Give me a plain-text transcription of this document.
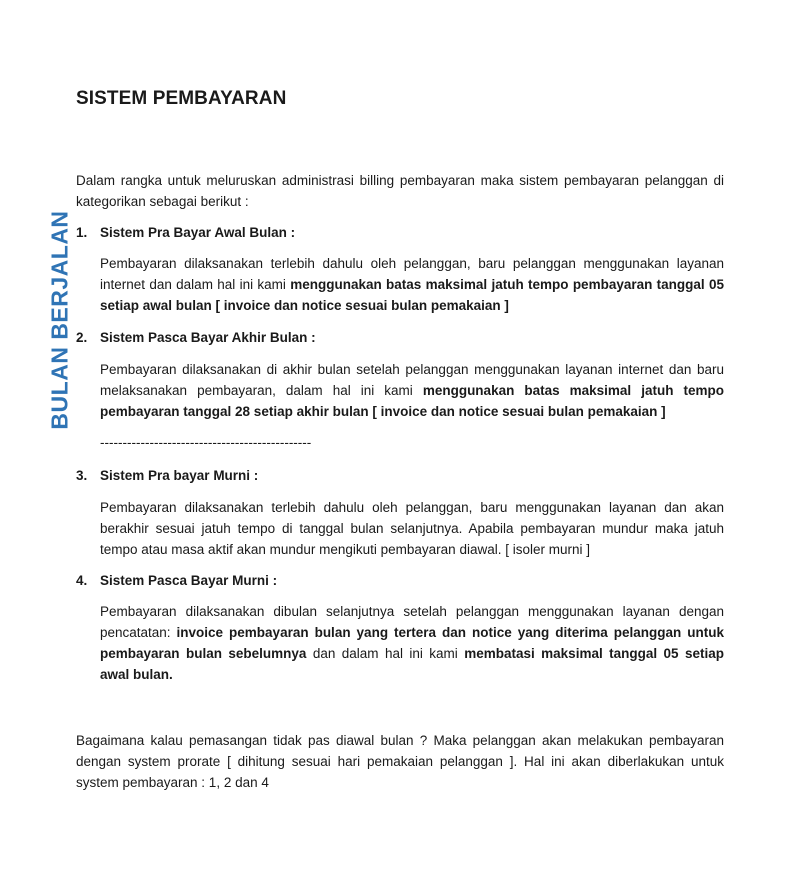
SISTEM PEMBAYARAN
BULAN BERJALAN

Dalam rangka untuk meluruskan administrasi billing pembayaran maka sistem pembayaran pelanggan di kategorikan sebagai berikut :

1. Sistem Pra Bayar Awal Bulan :

Pembayaran dilaksanakan terlebih dahulu oleh pelanggan, baru pelanggan menggunakan layanan internet dan dalam hal ini kami menggunakan batas maksimal jatuh tempo pembayaran tanggal 05 setiap awal bulan [ invoice dan notice sesuai bulan pemakaian ]

2. Sistem Pasca Bayar Akhir Bulan :

Pembayaran dilaksanakan di akhir bulan setelah pelanggan menggunakan layanan internet dan baru melaksanakan pembayaran, dalam hal ini kami menggunakan batas maksimal jatuh tempo pembayaran tanggal 28 setiap akhir bulan [ invoice dan notice sesuai bulan pemakaian ]

-----------------------------------------------

3. Sistem Pra bayar Murni :

Pembayaran dilaksanakan terlebih dahulu oleh pelanggan, baru menggunakan layanan dan akan berakhir sesuai jatuh tempo di tanggal bulan selanjutnya. Apabila pembayaran mundur maka jatuh tempo atau masa aktif akan mundur mengikuti pembayaran diawal. [ isoler murni ]

4. Sistem Pasca Bayar Murni :

Pembayaran dilaksanakan dibulan selanjutnya setelah pelanggan menggunakan layanan dengan pencatatan: invoice pembayaran bulan yang tertera dan notice yang diterima pelanggan untuk pembayaran bulan sebelumnya dan dalam hal ini kami membatasi maksimal tanggal 05 setiap awal bulan.

Bagaimana kalau pemasangan tidak pas diawal bulan ? Maka pelanggan akan melakukan pembayaran dengan system prorate [ dihitung sesuai hari pemakaian pelanggan ]. Hal ini akan diberlakukan untuk system pembayaran : 1, 2 dan 4
